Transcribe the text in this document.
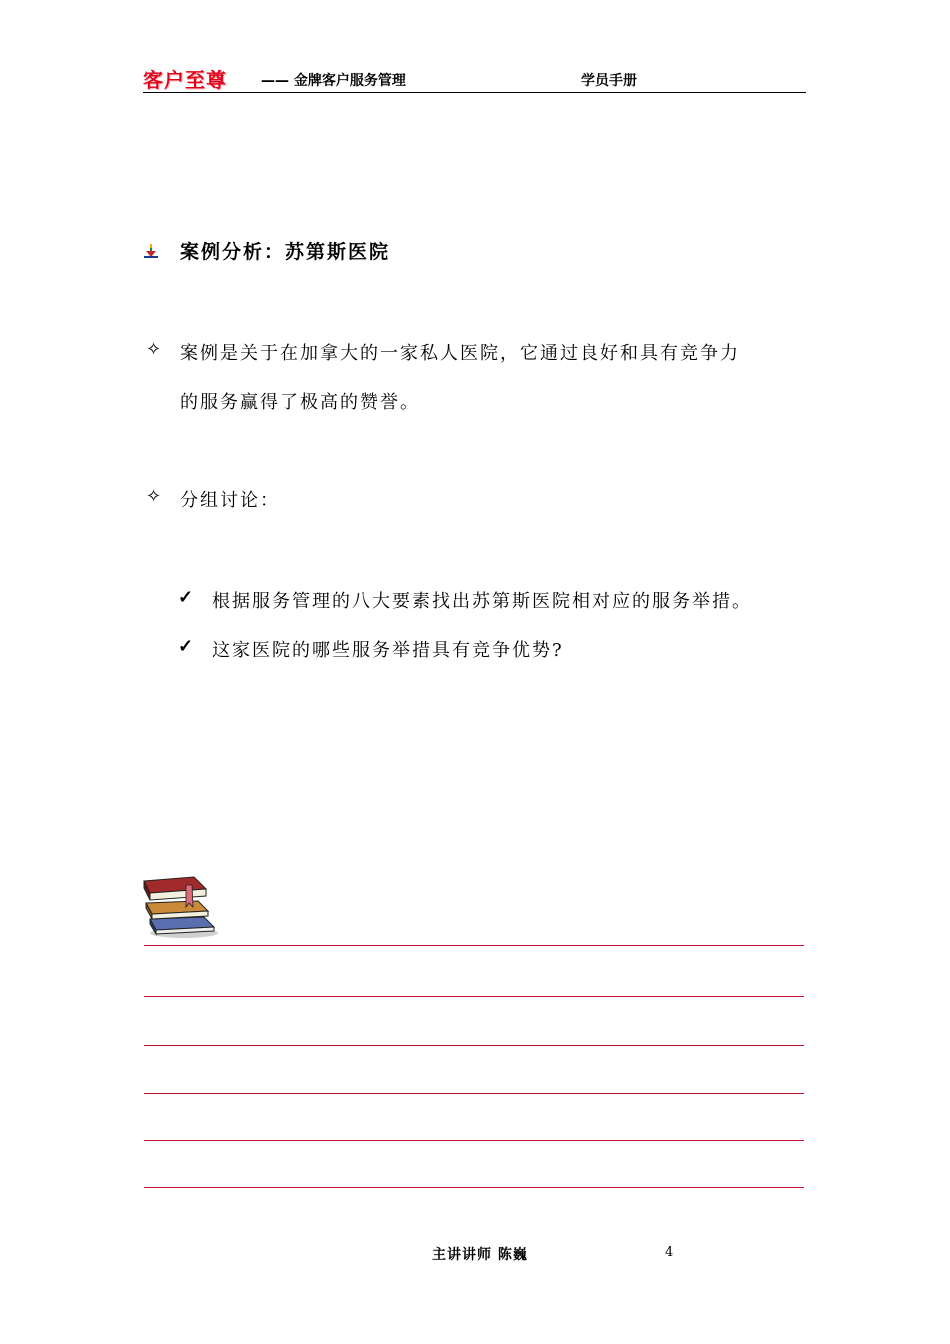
客户至尊 —— 金牌客户服务管理	学员手册
案例分析：苏第斯医院
✧ 案例是关于在加拿大的一家私人医院，它通过良好和具有竞争力
的服务赢得了极高的赞誉。
✧ 分组讨论：
✓ 根据服务管理的八大要素找出苏第斯医院相对应的服务举措。
✓ 这家医院的哪些服务举措具有竞争优势?
主讲讲师 陈巍	4
